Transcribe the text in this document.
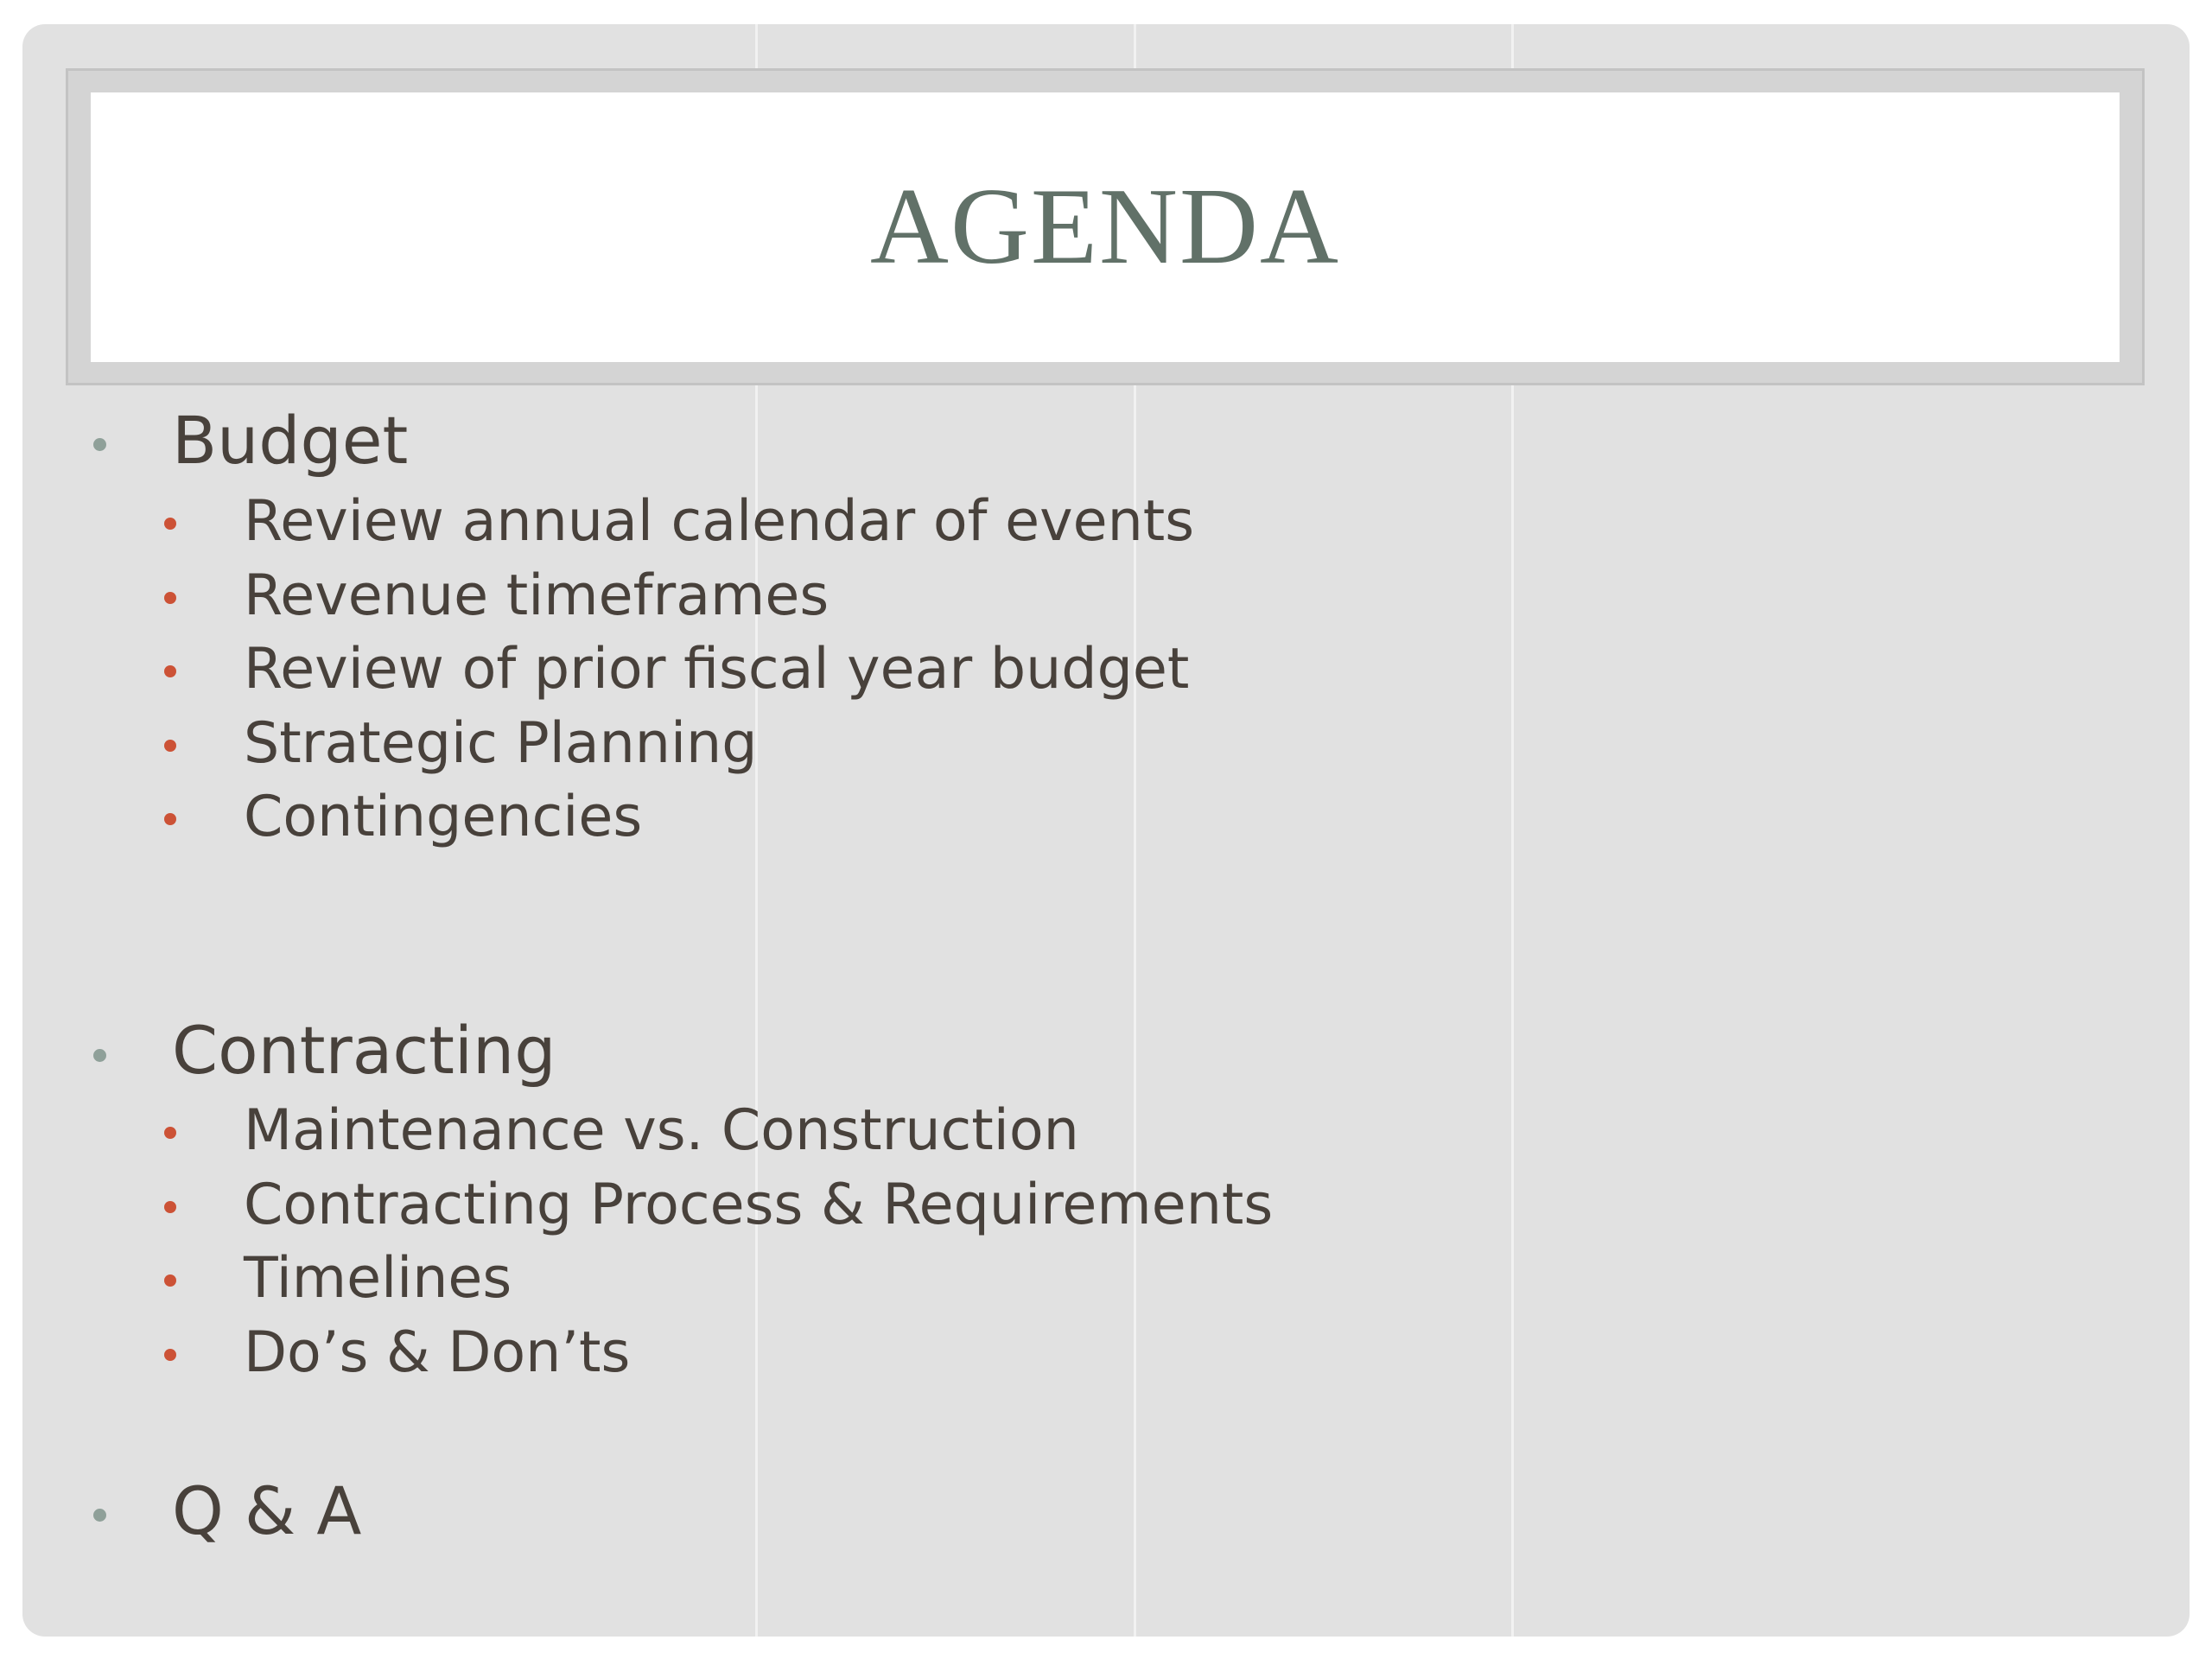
AGENDA
Budget
Review annual calendar of events
Revenue timeframes
Review of prior fiscal year budget
Strategic Planning
Contingencies
Contracting
Maintenance vs. Construction
Contracting Process & Requirements
Timelines
Do’s & Don’ts
Q & A
